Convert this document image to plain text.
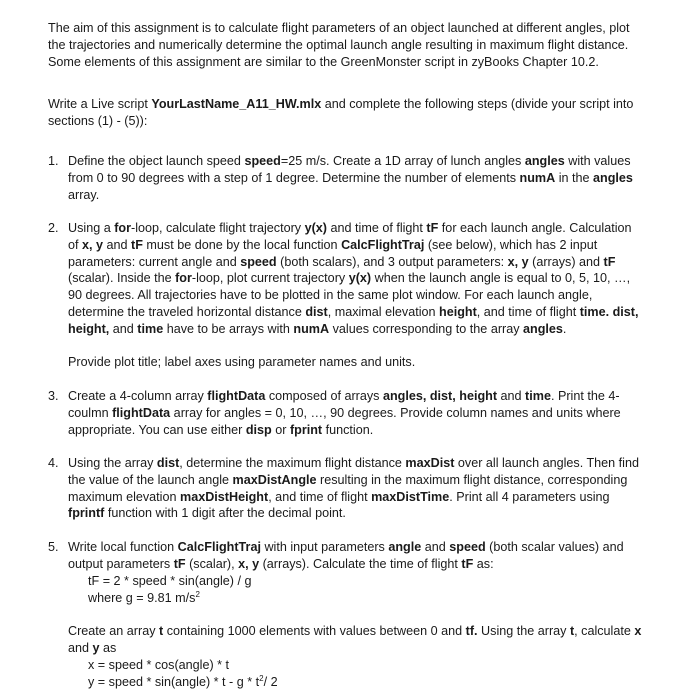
The aim of this assignment is to calculate flight parameters of an object launched at different angles, plot the trajectories and numerically determine the optimal launch angle resulting in maximum flight distance. Some elements of this assignment are similar to the GreenMonster script in zyBooks Chapter 10.2.

Write a Live script YourLastName_A11_HW.mlx and complete the following steps (divide your script into sections (1) - (5)):

1. Define the object launch speed speed=25 m/s. Create a 1D array of lunch angles angles with values from 0 to 90 degrees with a step of 1 degree. Determine the number of elements numA in the angles array.

2. Using a for-loop, calculate flight trajectory y(x) and time of flight tF for each launch angle. Calculation of x, y and tF must be done by the local function CalcFlightTraj (see below), which has 2 input parameters: current angle and speed (both scalars), and 3 output parameters: x, y (arrays) and tF (scalar). Inside the for-loop, plot current trajectory y(x) when the launch angle is equal to 0, 5, 10, …, 90 degrees. All trajectories have to be plotted in the same plot window. For each launch angle, determine the traveled horizontal distance dist, maximal elevation height, and time of flight time. dist, height, and time have to be arrays with numA values corresponding to the array angles.

Provide plot title; label axes using parameter names and units.

3. Create a 4-column array flightData composed of arrays angles, dist, height and time. Print the 4-coulmn flightData array for angles = 0, 10, …, 90 degrees. Provide column names and units where appropriate. You can use either disp or fprint function.

4. Using the array dist, determine the maximum flight distance maxDist over all launch angles. Then find the value of the launch angle maxDistAngle resulting in the maximum flight distance, corresponding maximum elevation maxDistHeight, and time of flight maxDistTime. Print all 4 parameters using fprintf function with 1 digit after the decimal point.

5. Write local function CalcFlightTraj with input parameters angle and speed (both scalar values) and output parameters tF (scalar), x, y (arrays). Calculate the time of flight tF as:

tF = 2 * speed * sin(angle) / g

where g = 9.81 $m/s^2$

Create an array t containing 1000 elements with values between 0 and tf. Using the array t, calculate x
and y as

x = speed * cos(angle) * t

y = speed * sin(angle) * t - g * $t^2/$ 2
